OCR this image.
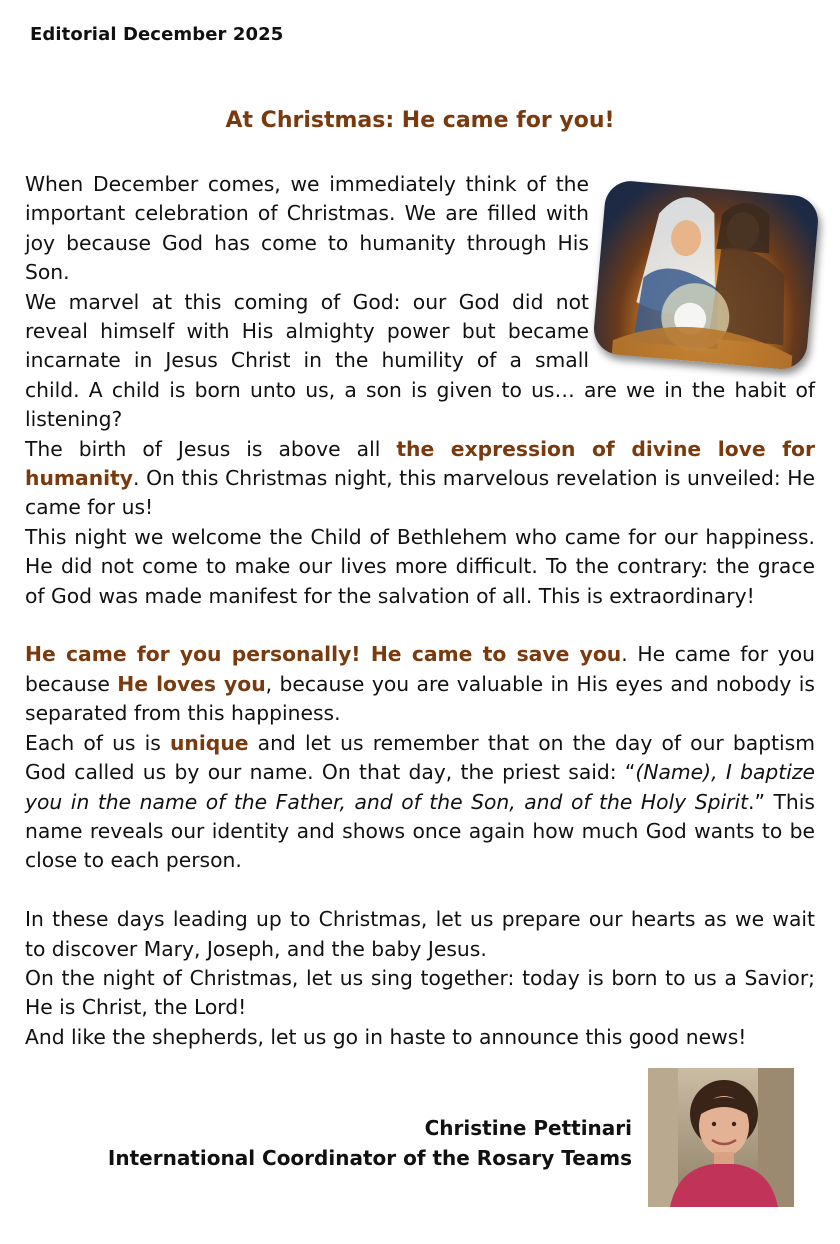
Editorial December 2025
At Christmas: He came for you!

When December comes, we immediately think of the important celebration of Christmas. We are filled with joy because God has come to humanity through His Son.

We marvel at this coming of God: our God did not reveal himself with His almighty power but became incarnate in Jesus Christ in the humility of a small child. A child is born unto us, a son is given to us… are we in the habit of listening?

The birth of Jesus is above all the expression of divine love for humanity. On this Christmas night, this marvelous revelation is unveiled: He came for us!

This night we welcome the Child of Bethlehem who came for our happiness. He did not come to make our lives more difficult. To the contrary: the grace of God was made manifest for the salvation of all. This is extraordinary!

He came for you personally! He came to save you. He came for you because He loves you, because you are valuable in His eyes and nobody is separated from this happiness.

Each of us is unique and let us remember that on the day of our baptism God called us by our name. On that day, the priest said: “(Name), I baptize you in the name of the Father, and of the Son, and of the Holy Spirit.” This name reveals our identity and shows once again how much God wants to be close to each person.

In these days leading up to Christmas, let us prepare our hearts as we wait to discover Mary, Joseph, and the baby Jesus.

On the night of Christmas, let us sing together: today is born to us a Savior; He is Christ, the Lord!

And like the shepherds, let us go in haste to announce this good news!

Christine Pettinari
International Coordinator of the Rosary Teams
